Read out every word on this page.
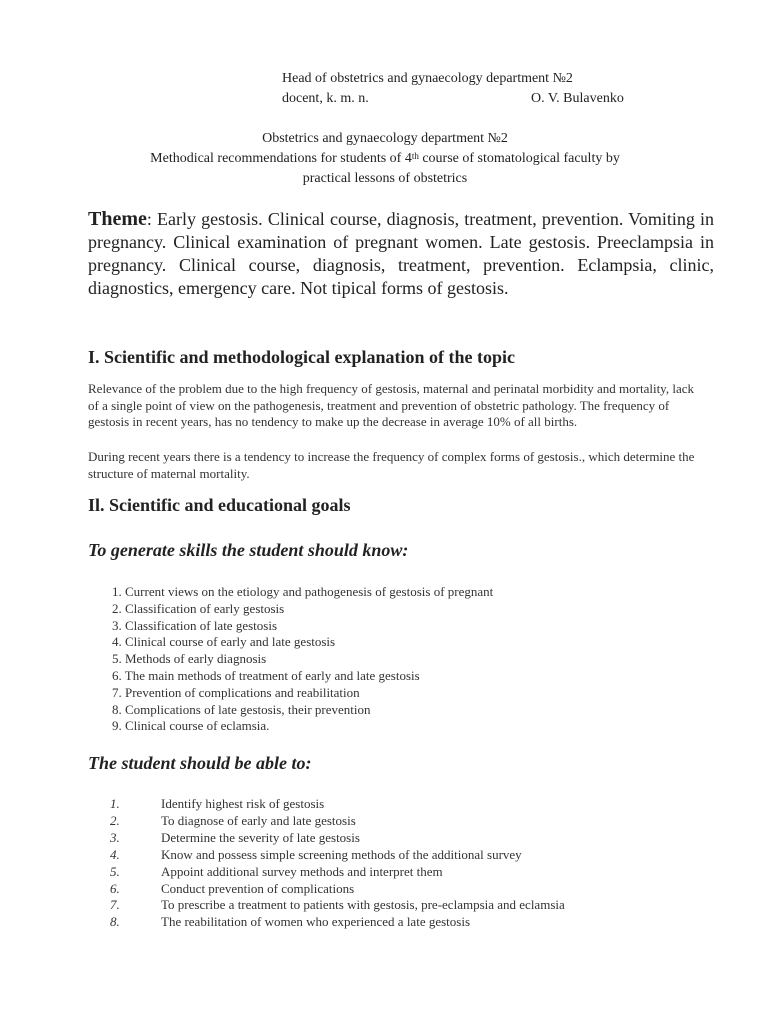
Head of obstetrics and gynaecology department №2
docent, k. m. n.	O. V. Bulavenko
Obstetrics and gynaecology department №2
Methodical recommendations for students of 4th course of stomatological faculty by
practical lessons of obstetrics
Theme: Early gestosis. Clinical course, diagnosis, treatment, prevention. Vomiting in pregnancy. Clinical examination of pregnant women. Late gestosis. Preeclampsia in pregnancy. Clinical course, diagnosis, treatment, prevention. Eclampsia, clinic, diagnostics, emergency care. Not tipical forms of gestosis.
I. Scientific and methodological explanation of the topic
Relevance of the problem due to the high frequency of gestosis, maternal and perinatal morbidity and mortality, lack of a single point of view on the pathogenesis, treatment and prevention of obstetric pathology. The frequency of gestosis in recent years, has no tendency to make up the decrease in average 10% of all births.
During recent years there is a tendency to increase the frequency of complex forms of gestosis., which determine the structure of maternal mortality.
Il. Scientific and educational goals
To generate skills the student should know:
1. Current views on the etiology and pathogenesis of gestosis of pregnant
2. Classification of early gestosis
3. Classification of late gestosis
4. Clinical course of early and late gestosis
5. Methods of early diagnosis
6. The main methods of treatment of early and late gestosis
7. Prevention of complications and reabilitation
8. Complications of late gestosis, their prevention
9. Clinical course of eclamsia.
The student should be able to:
1.	Identify highest risk of gestosis
2.	To diagnose of early and late gestosis
3.	Determine the severity of late gestosis
4.	Know and possess simple screening methods of the additional survey
5.	Appoint additional survey methods and interpret them
6.	Conduct prevention of complications
7.	To prescribe a treatment to patients with gestosis, pre-eclampsia and eclamsia
8.	The reabilitation of women who experienced a late gestosis
